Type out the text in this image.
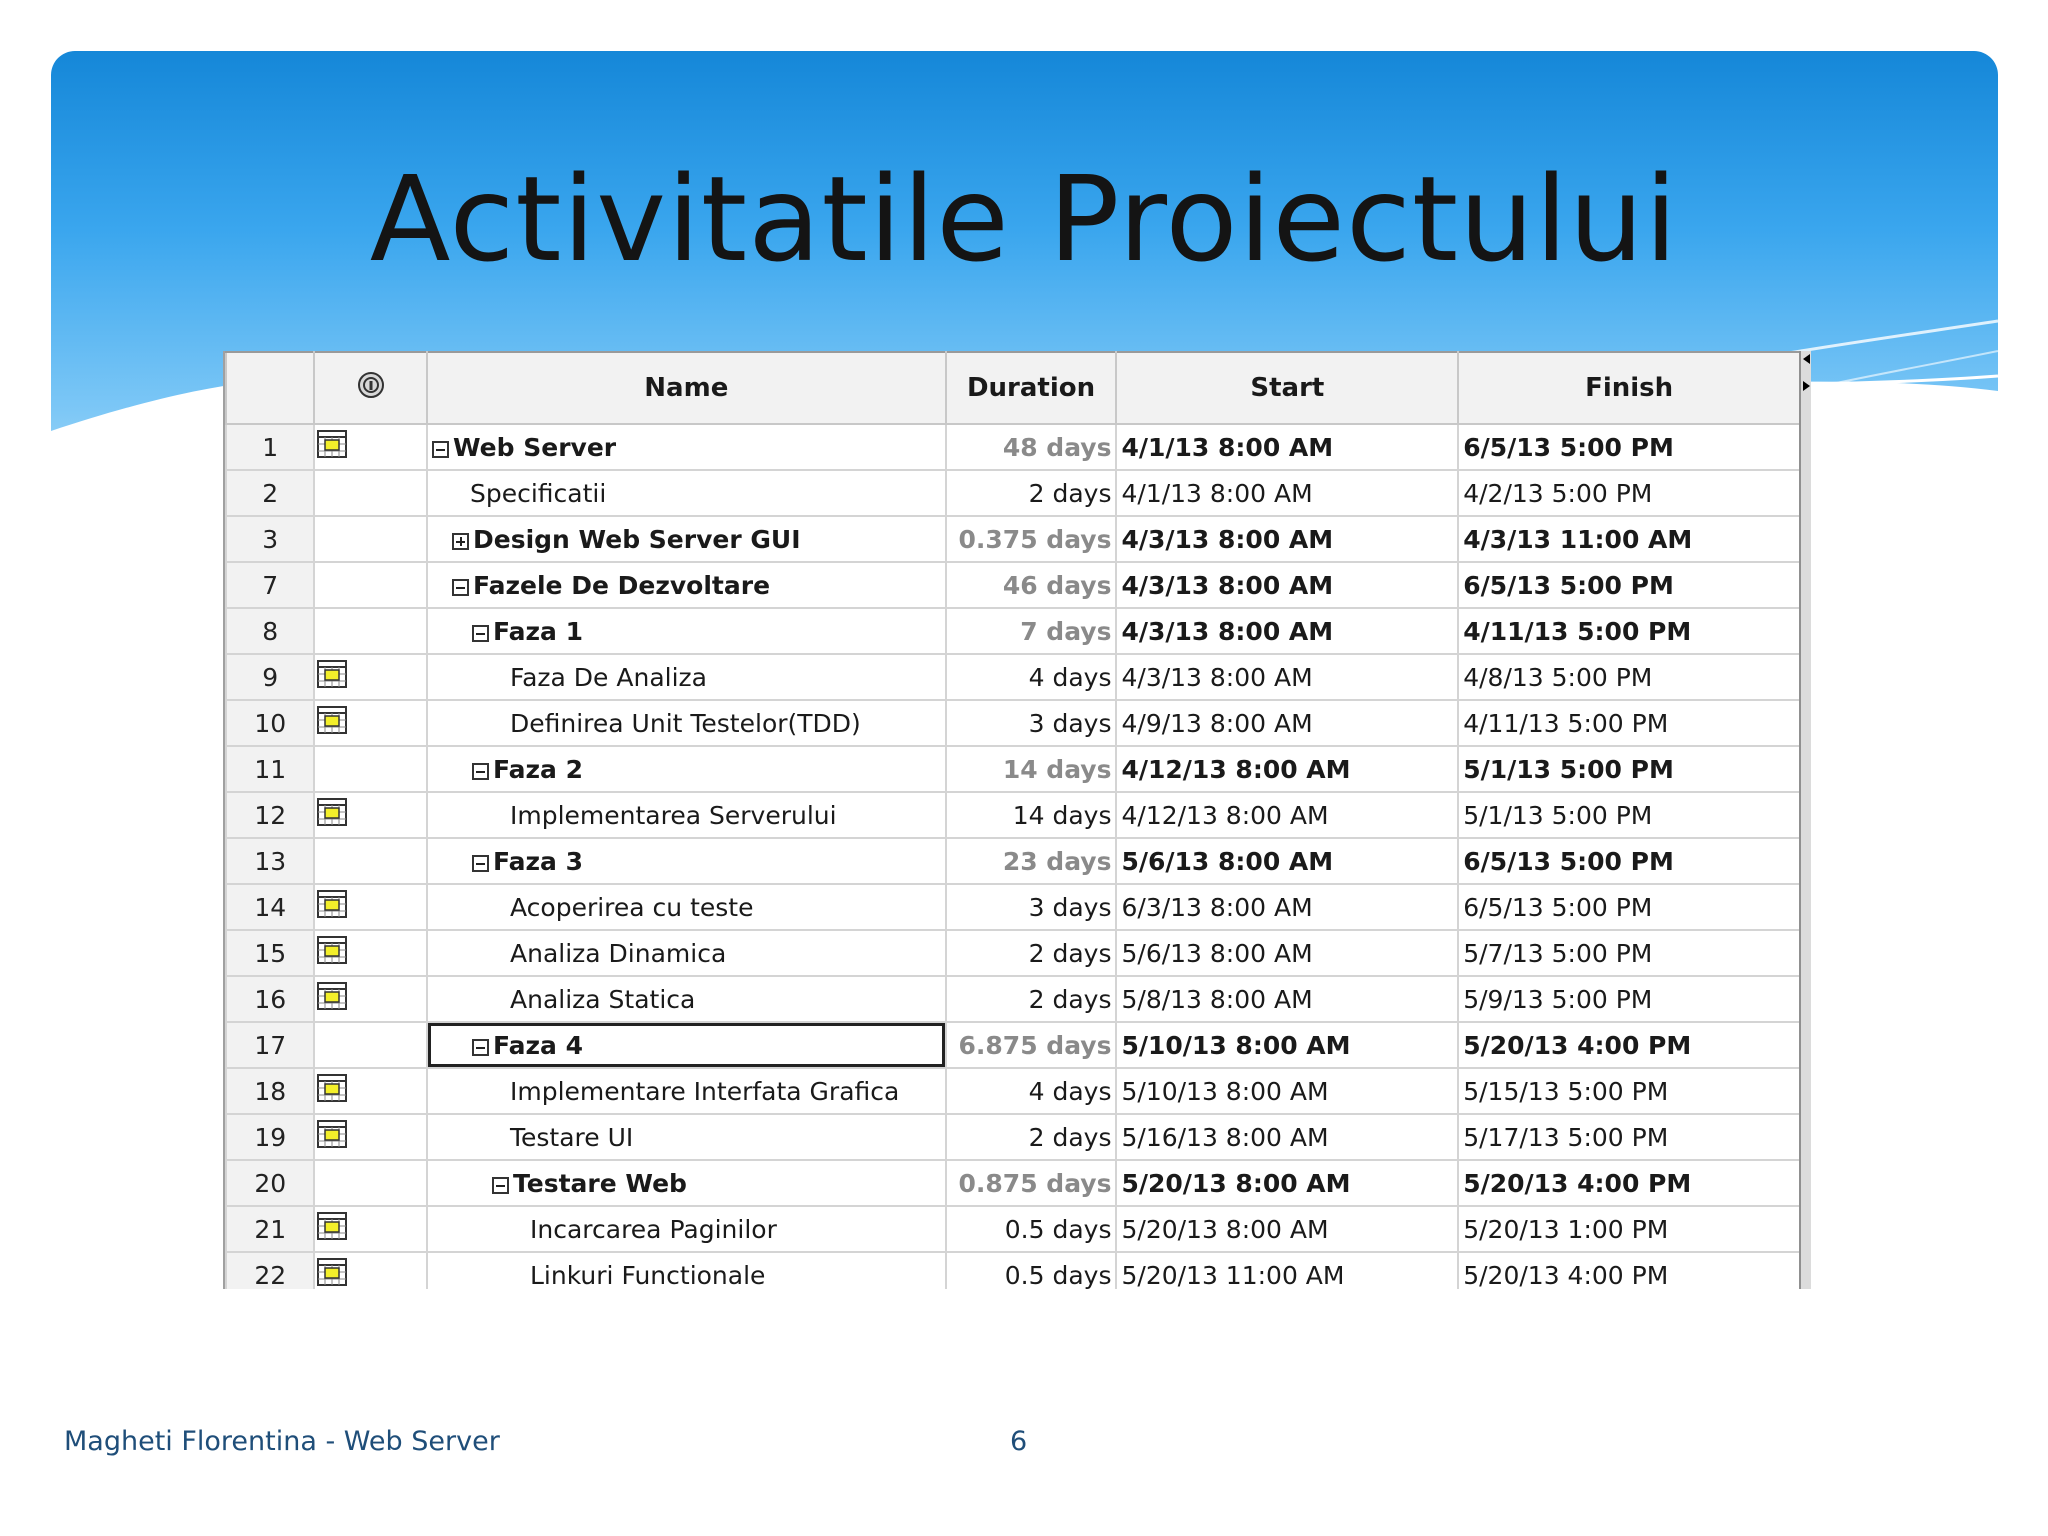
Activitatile Proiectului
		Name	Duration	Start	Finish
1		Web Server	48 days	4/1/13 8:00 AM	6/5/13 5:00 PM
2		Specificatii	2 days	4/1/13 8:00 AM	4/2/13 5:00 PM
3		Design Web Server GUI	0.375 days	4/3/13 8:00 AM	4/3/13 11:00 AM
7		Fazele De Dezvoltare	46 days	4/3/13 8:00 AM	6/5/13 5:00 PM
8		Faza 1	7 days	4/3/13 8:00 AM	4/11/13 5:00 PM
9		Faza De Analiza	4 days	4/3/13 8:00 AM	4/8/13 5:00 PM
10		Definirea Unit Testelor(TDD)	3 days	4/9/13 8:00 AM	4/11/13 5:00 PM
11		Faza 2	14 days	4/12/13 8:00 AM	5/1/13 5:00 PM
12		Implementarea Serverului	14 days	4/12/13 8:00 AM	5/1/13 5:00 PM
13		Faza 3	23 days	5/6/13 8:00 AM	6/5/13 5:00 PM
14		Acoperirea cu teste	3 days	6/3/13 8:00 AM	6/5/13 5:00 PM
15		Analiza Dinamica	2 days	5/6/13 8:00 AM	5/7/13 5:00 PM
16		Analiza Statica	2 days	5/8/13 8:00 AM	5/9/13 5:00 PM
17		Faza 4	6.875 days	5/10/13 8:00 AM	5/20/13 4:00 PM
18		Implementare Interfata Grafica	4 days	5/10/13 8:00 AM	5/15/13 5:00 PM
19		Testare UI	2 days	5/16/13 8:00 AM	5/17/13 5:00 PM
20		Testare Web	0.875 days	5/20/13 8:00 AM	5/20/13 4:00 PM
21		Incarcarea Paginilor	0.5 days	5/20/13 8:00 AM	5/20/13 1:00 PM
22		Linkuri Functionale	0.5 days	5/20/13 11:00 AM	5/20/13 4:00 PM
Magheti Florentina - Web Server	6
